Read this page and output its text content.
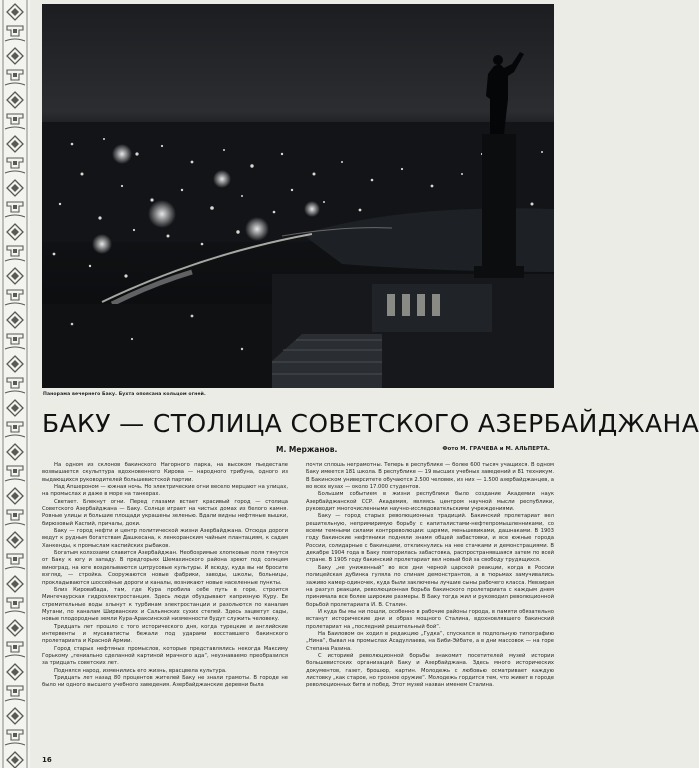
Панорама вечернего Баку. Бухта опоясана кольцом огней.
БАКУ — СТОЛИЦА СОВЕТСКОГО АЗЕРБАЙДЖАНА
М. Мержанов.	Фото М. ГРАЧЕВА и М. АЛЬПЕРТА.

На одном из склонов бакинского Нагорного парка, на высоком пьедестале возвышается скульптура вдохновенного Кирова — народного трибуна, одного из выдающихся руководителей большевистской партии.

Над Апшероном — южная ночь. Но электрические огни весело мерцают на улицах, на промыслах и даже в море на танкерах.

Светает. Блекнут огни. Перед глазами встает красивый город — столица Советского Азербайджана — Баку. Солнце играет на чистых домах из белого камня. Ровные улицы и большие площади украшены зеленью. Вдали видны нефтяные вышки, бирюзовый Каспий, причалы, доки.

Баку — город нефти и центр политической жизни Азербайджана. Отсюда дороги ведут к рудным богатствам Дашкесана, к ленкоранским чайным плантациям, к садам Ханкенды, к промыслам каспийских рыбаков.

Богатым колхозами славится Азербайджан. Необозримые хлопковые поля тянутся от Баку к югу и западу. В предгорьях Шемахинского района зреют под солнцем виноград, на юге возделываются цитрусовые культуры. И всюду, куда вы ни бросите взгляд, — стройка. Сооружаются новые фабрики, заводы, школы, больницы, прокладываются шоссейные дороги и каналы, возникают новые населенные пункты.

Близ Кировабада, там, где Кура пробила себе путь в горе, строится Мингечаурская гидроэлектростанция. Здесь люди обуздывают капризную Куру. Ее стремительные воды хлынут к турбинам электростанции и разольются по каналам Мугани, по каналам Ширванских и Сальянских сухих степей. Здесь зацветут сады, новые плодородные земли Кура-Араксинской низменности будут служить человеку.

Тридцать лет прошло с того исторического дня, когда турецкие и английские интервенты и мусаватисты бежали под ударами восставшего бакинского пролетариата и Красной Армии.

Город старых нефтяных промыслов, которые представлялись некогда Максиму Горькому „гениально сделанной картиной мрачного ада“, неузнаваемо преобразился за тридцать советских лет.

Поднялся народ, изменились его жизнь, врасцвела культура.

Тридцать лет назад 80 процентов жителей Баку не знали грамоты. В городе не было ни одного высшего учебного заведения. Азербайджанские деревни была

почти сплошь неграмотны. Теперь в республике — более 600 тысяч учащихся. В одном Баку имеется 181 школа. В республике — 19 высших учебных заведений и 81 техникум. В Бакинском университете обучаются 2.500 человек, из них — 1.500 азербайджанцев, а во всех вузах — около 17.000 студентов.

Большим событием в жизни республики было создание Академии наук Азербайджанской ССР. Академия, являясь центром научной мысли республики, руководит многочисленными научно-исследовательскими учреждениями.

Баку — город старых революционных традиций. Бакинский пролетариат вел решительную, непримиримую борьбу с капиталистами-нефтепромышленниками, со всеми темными силами контрреволюции: царями, меньшевиками, дашнаками. В 1903 году бакинские нефтяники подняли знамя общей забастовки, и все южные города России, солидарные с бакинцами, откликнулись на нее стачками и демонстрациями. В декабре 1904 года в Баку повторилась забастовка, распространявшаяся затем по всей стране. В 1905 году бакинский пролетариат вел новый бой за свободу трудящихся.

Баку „не униженный“ во все дни черной царской реакции, когда в России полицейская дубинка гуляла по спинам демонстрантов, а в тюрьмах замучивались заживо камер-одиночек, куда были заключены лучшие сыны рабочего класса. Невзирая на разгул реакции, революционная борьба бакинского пролетариата с каждым днем принимала все более широкие размеры. В Баку тогда жил и руководил революционной борьбой пролетариата И. В. Сталин.

И куда бы мы ни пошли, особенно в рабочие районы города, в памяти обязательно встанут исторические дни и образ мощного Сталина, вдохновлявшего бакинский пролетариат на „последний решительный бой“.

На Баиловом он ходил в редакцию „Гудка“, спускался в подпольную типографию „Нина“, бывал на промыслах Асадуллаева, на Биби-Эйбате, а в дни массовок — на горе Степана Разина.

С историей революционной борьбы знакомит посетителей музей истории большевистских организаций Баку и Азербайджана. Здесь много исторических документов, газет, брошюр, картин. Молодежь с любовью осматривает каждую листовку „как старое, но грозное оружие“. Молодежь гордится тем, что живет в городе революционных битв и побед. Этот музей назван именем Сталина.

16
